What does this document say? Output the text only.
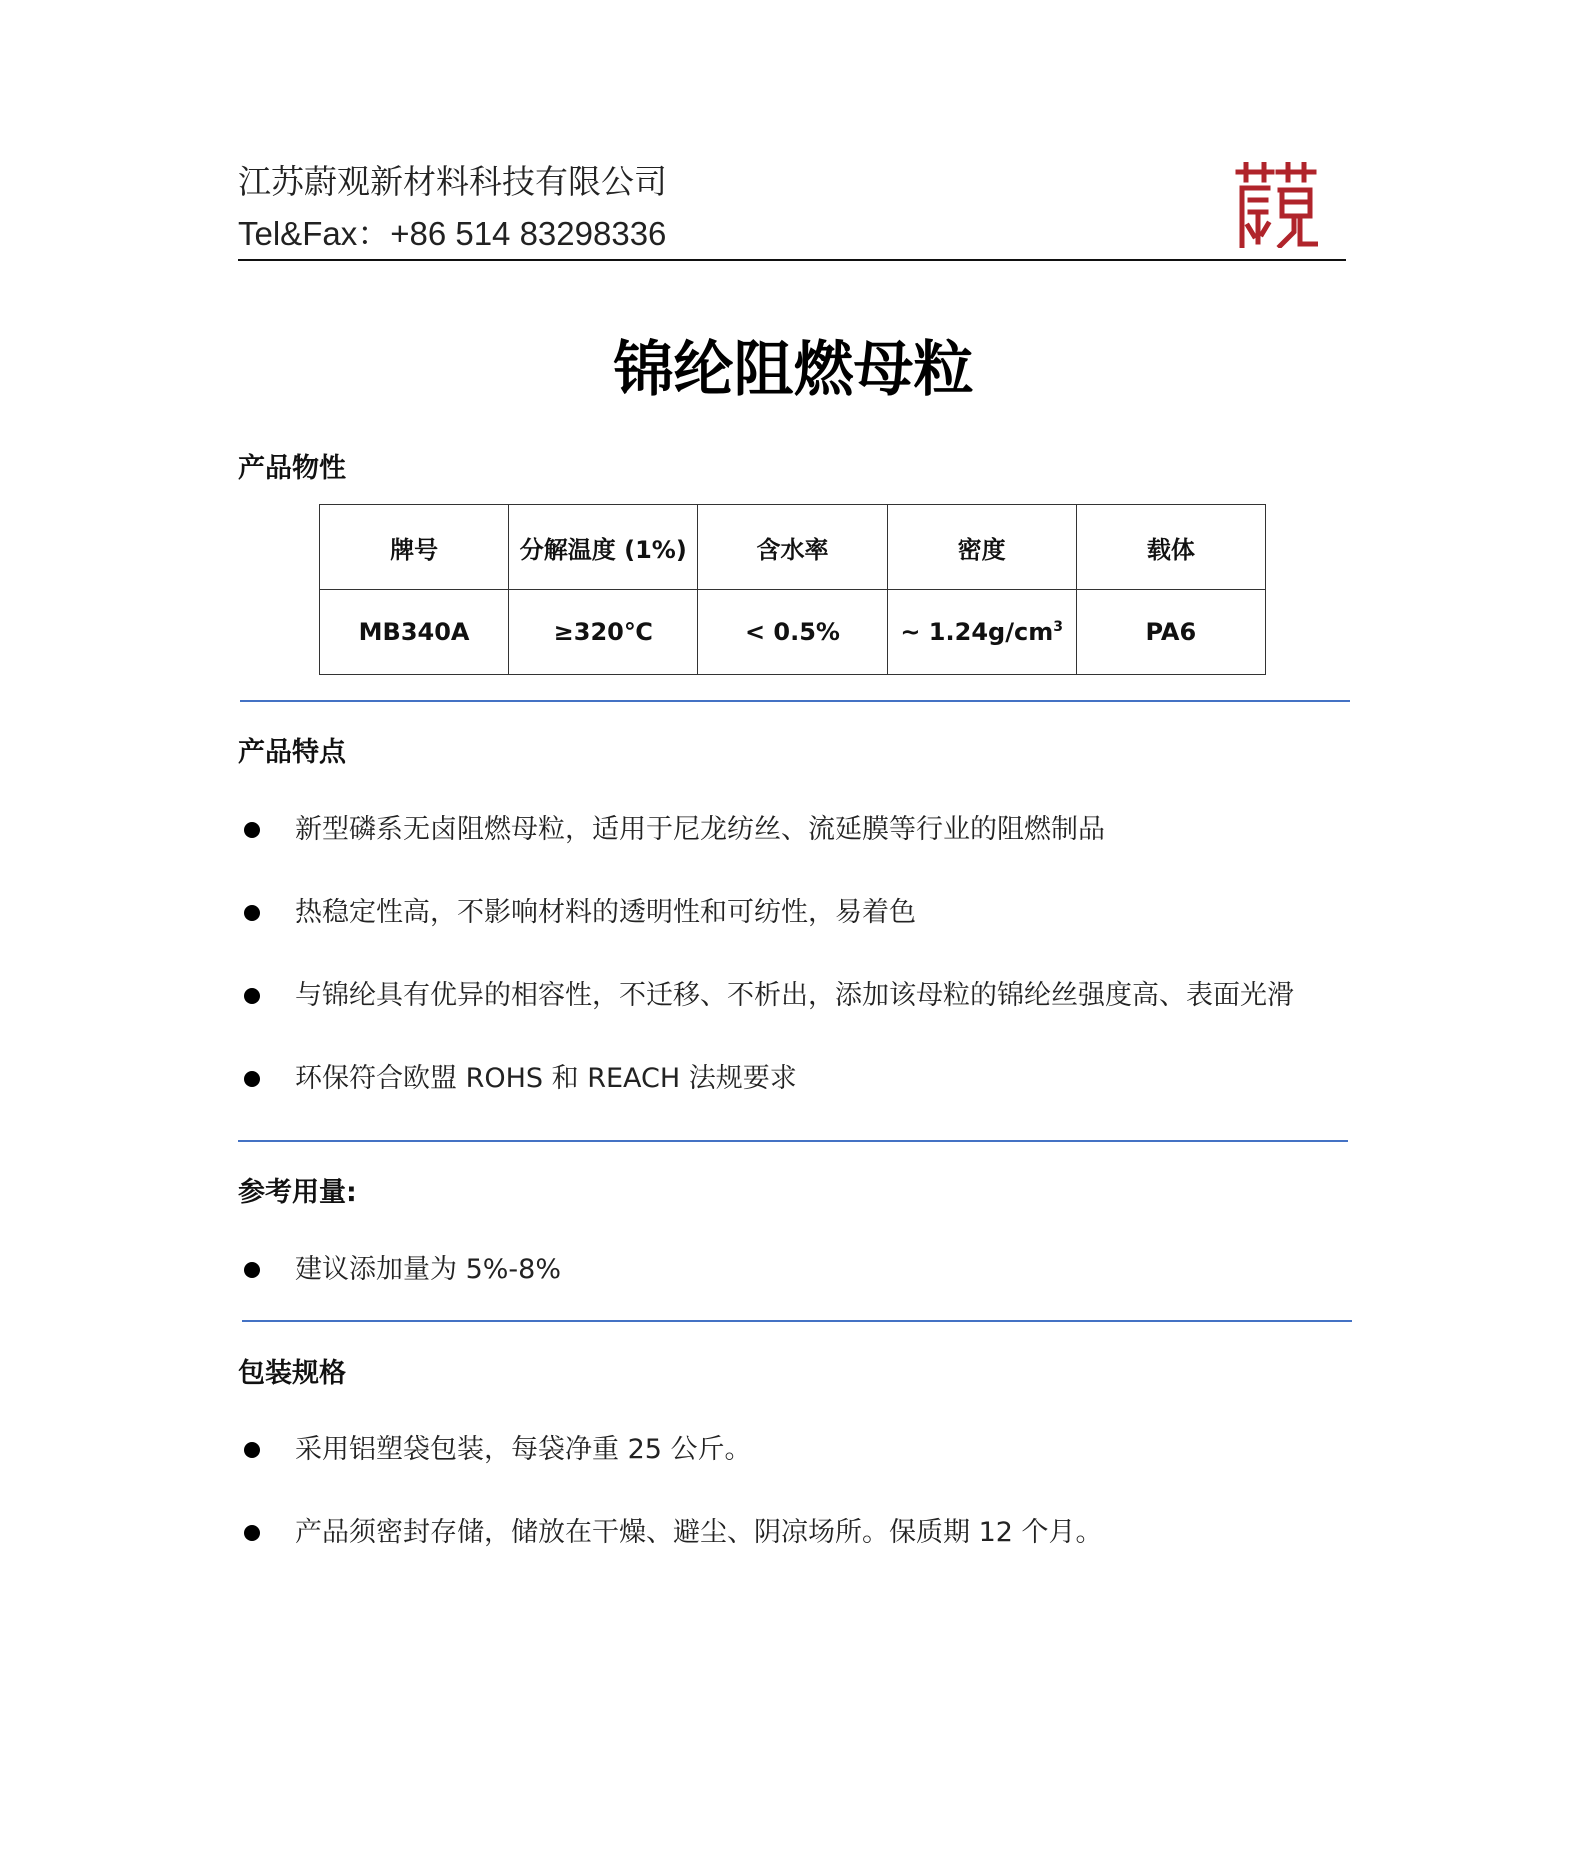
江苏蔚观新材料科技有限公司
Tel&Fax：+86 514 83298336
锦纶阻燃母粒
产品物性
牌号	分解温度 (1%)	含水率	密度	载体
MB340A	≥320℃	< 0.5%	~ $1.24g/cm^3$	PA6
产品特点
新型磷系无卤阻燃母粒，适用于尼龙纺丝、流延膜等行业的阻燃制品
热稳定性高，不影响材料的透明性和可纺性，易着色
与锦纶具有优异的相容性，不迁移、不析出，添加该母粒的锦纶丝强度高、表面光滑
环保符合欧盟 ROHS 和 REACH 法规要求
参考用量:
建议添加量为 5%-8%
包装规格
采用铝塑袋包装，每袋净重 25 公斤。
产品须密封存储，储放在干燥、避尘、阴凉场所。保质期 12 个月。
